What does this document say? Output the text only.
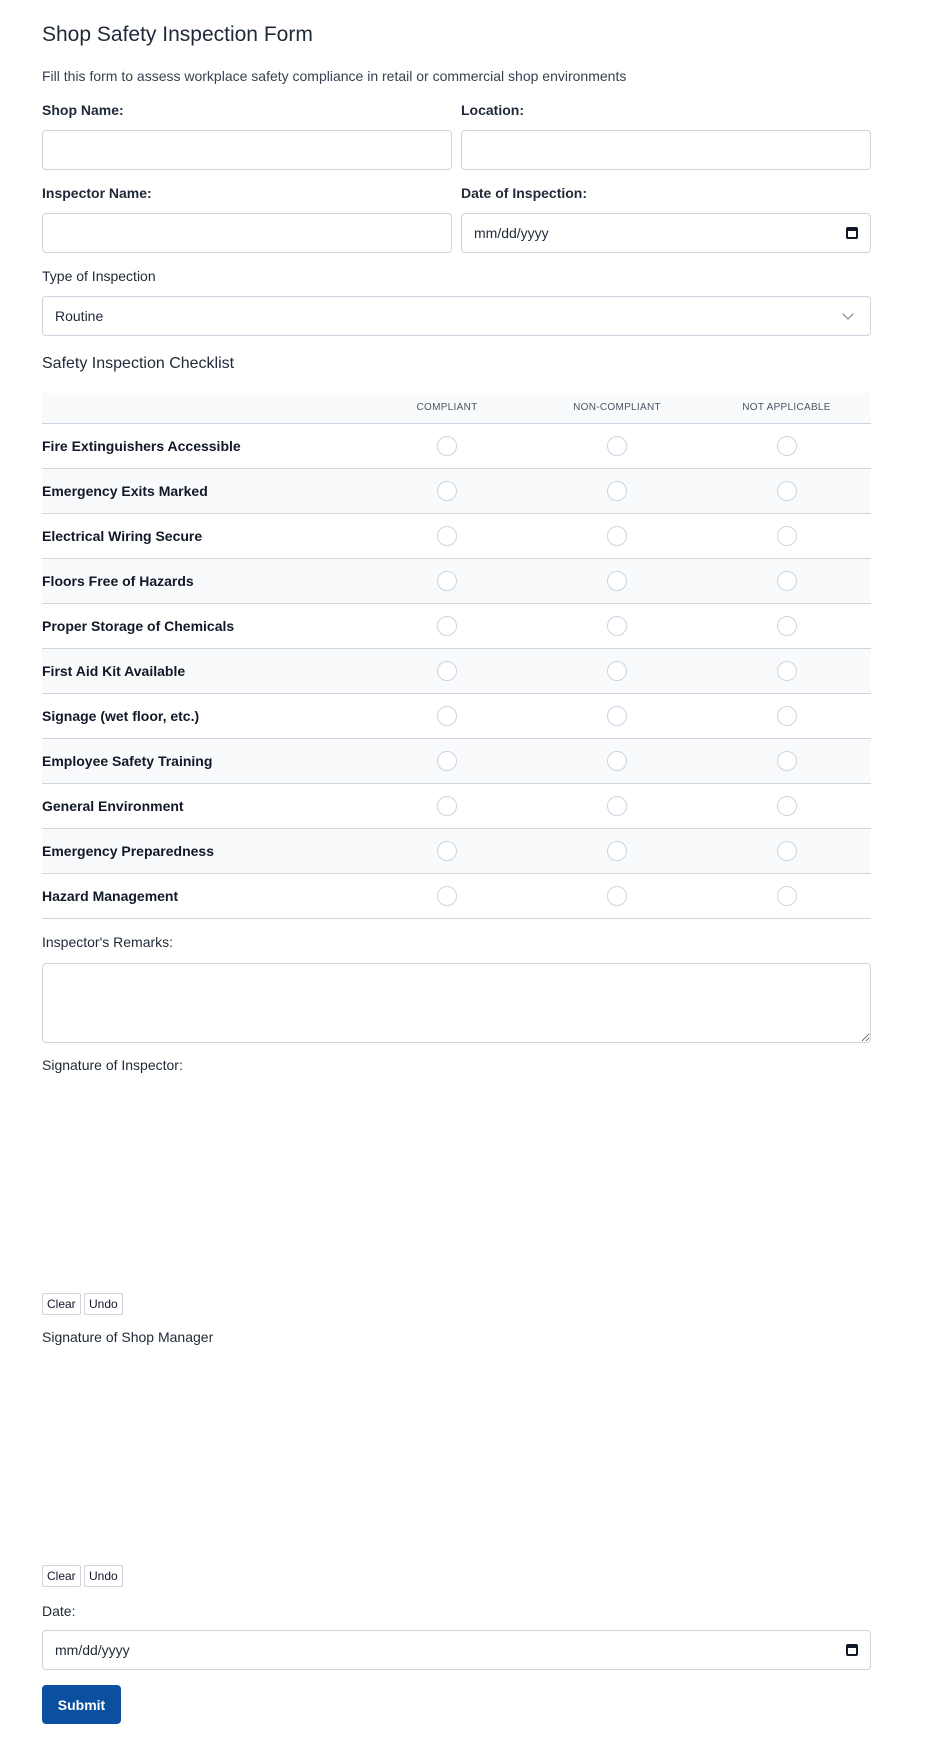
Shop Safety Inspection Form

Fill this form to assess workplace safety compliance in retail or commercial shop environments

Shop Name:	Location:
Inspector Name:	Date of Inspection:
mm/dd/yyyy
Type of Inspection
Routine
Safety Inspection Checklist
	COMPLIANT	NON-COMPLIANT	NOT APPLICABLE
Fire Extinguishers Accessible			
Emergency Exits Marked			
Electrical Wiring Secure			
Floors Free of Hazards			
Proper Storage of Chemicals			
First Aid Kit Available			
Signage (wet floor, etc.)			
Employee Safety Training			
General Environment			
Emergency Preparedness			
Hazard Management			
Inspector's Remarks:
Signature of Inspector:
Clear	Undo
Signature of Shop Manager
Clear	Undo
Date:
mm/dd/yyyy
Submit
